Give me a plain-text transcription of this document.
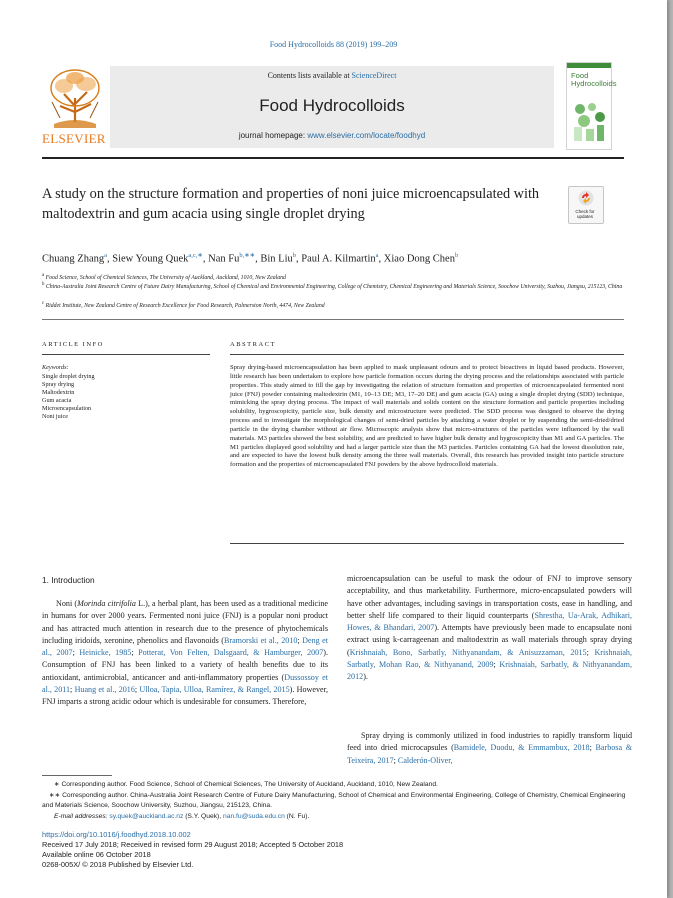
Food Hydrocolloids 88 (2019) 199–209
ELSEVIER
Contents lists available at ScienceDirect
Food Hydrocolloids
journal homepage: www.elsevier.com/locate/foodhyd
Food Hydrocolloids
A study on the structure formation and properties of noni juice microencapsulated with maltodextrin and gum acacia using single droplet drying	Check for updates
Chuang Zhang$^a$, Siew Young Quek$^{a,c,∗}$, Nan $Fu^{b,∗∗}$, Bin Liu$^b$, Paul A. Kilmartin$^a$, Xiao Dong Chen$^b$
$^a$ Food Science, School of Chemical Sciences, The University of Auckland, Auckland, 1010, New Zealand
$^b$ China-Australia Joint Research Centre of Future Dairy Manufacturing, School of Chemical and Environmental Engineering, College of Chemistry, Chemical Engineering and Materials Science, Soochow University, Suzhou, Jiangsu, 215123, China
$^c$ Riddet Institute, New Zealand Centre of Research Excellence for Food Research, Palmerston North, 4474, New Zealand
ARTICLE INFO	ABSTRACT
Keywords:
Single droplet drying
Spray drying
Maltodextrin
Gum acacia
Microencapsulation
Noni juice
Spray drying-based microencapsulation has been applied to mask unpleasant odours and to protect bioactives in liquid based products. However, little research has been undertaken to explore how particle formation occurs during the drying process and the relationships associated with particle properties. This study aimed to fill the gap by investigating the relation of structure formation and properties of microencapsulated fermented noni juice (FNJ) powder containing maltodextrin (M1, 10–13 DE; M3, 17–20 DE) and gum acacia (GA) using a single droplet drying (SDD) technique, mimicking the spray drying process. The impact of wall materials and solids content on the structure formation and particle properties including solubility, hygroscopicity, particle size, bulk density and microstructure were predicted. The SDD process was designed to observe the drying process and to investigate the morphological changes of semi-dried particles by attaching a water droplet or by suspending the semi-dried/dried particle in the drying chamber without air flow. Microscopic analysis show that micro-structures of the particles were influenced by the wall materials. M3 particles showed the best solubility, and are predicted to have higher bulk density and hygroscopicity than M1 and GA particles. The M1 particles displayed good solubility and had a larger particle size than the M3 particles. Particles containing GA had the lowest dissolution rate, and are expected to have the lowest bulk density among the three wall materials. Overall, this research has provided insight into particle structure formation and the properties of microencapsulated FNJ powders by the above hydrocolloid materials.
1. Introduction
Noni (Morinda citrifolia L.), a herbal plant, has been used as a traditional medicine in humans for over 2000 years. Fermented noni juice (FNJ) is a popular noni product and has attracted much attention in research due to the presence of phytochemicals including iridoids, xeronine, phenolics and flavonoids (Bramorski et al., 2010; Deng et al., 2007; Heinicke, 1985; Potterat, Von Felten, Dalsgaard, & Hamburger, 2007). Consumption of FNJ has been linked to a variety of health benefits due to its antioxidant, antimicrobial, anticancer and anti-inflammatory properties (Dussossoy et al., 2011; Huang et al., 2016; Ulloa, Tapia, Ulloa, Ramírez, & Rangel, 2015). However, FNJ imparts a strong acidic odour which is undesirable for consumers. Therefore,
microencapsulation can be useful to mask the odour of FNJ to improve sensory acceptability, and thus marketability. Furthermore, micro-encapsulated powders will have other advantages, including savings in transportation costs, ease in handling, and better shelf life compared to their liquid counterparts (Shrestha, Ua-Arak, Adhikari, Howes, & Bhandari, 2007). Attempts have previously been made to encapsulate noni extract using k-carrageenan and maltodextrin as wall materials through spray drying (Krishnaiah, Bono, Sarbatly, Nithyanandam, & Anisuzzaman, 2015; Krishnaiah, Sarbatly, Mohan Rao, & Nithyanand, 2009; Krishnaiah, Sarbatly, & Nithyanandam, 2012).
Spray drying is commonly utilized in food industries to rapidly transform liquid feed into dried microcapsules (Bamidele, Duodu, & Emmambux, 2018; Barbosa & Teixeira, 2017; Calderón-Oliver,
∗ Corresponding author. Food Science, School of Chemical Sciences, The University of Auckland, Auckland, 1010, New Zealand.
∗∗ Corresponding author. China-Australia Joint Research Centre of Future Dairy Manufacturing, School of Chemical and Environmental Engineering, College of Chemistry, Chemical Engineering and Materials Science, Soochow University, Suzhou, Jiangsu, 215123, China.
E-mail addresses: sy.quek@auckland.ac.nz (S.Y. Quek), nan.fu@suda.edu.cn (N. Fu).
https://doi.org/10.1016/j.foodhyd.2018.10.002
Received 17 July 2018; Received in revised form 29 August 2018; Accepted 5 October 2018
Available online 06 October 2018
0268-005X/ © 2018 Published by Elsevier Ltd.
